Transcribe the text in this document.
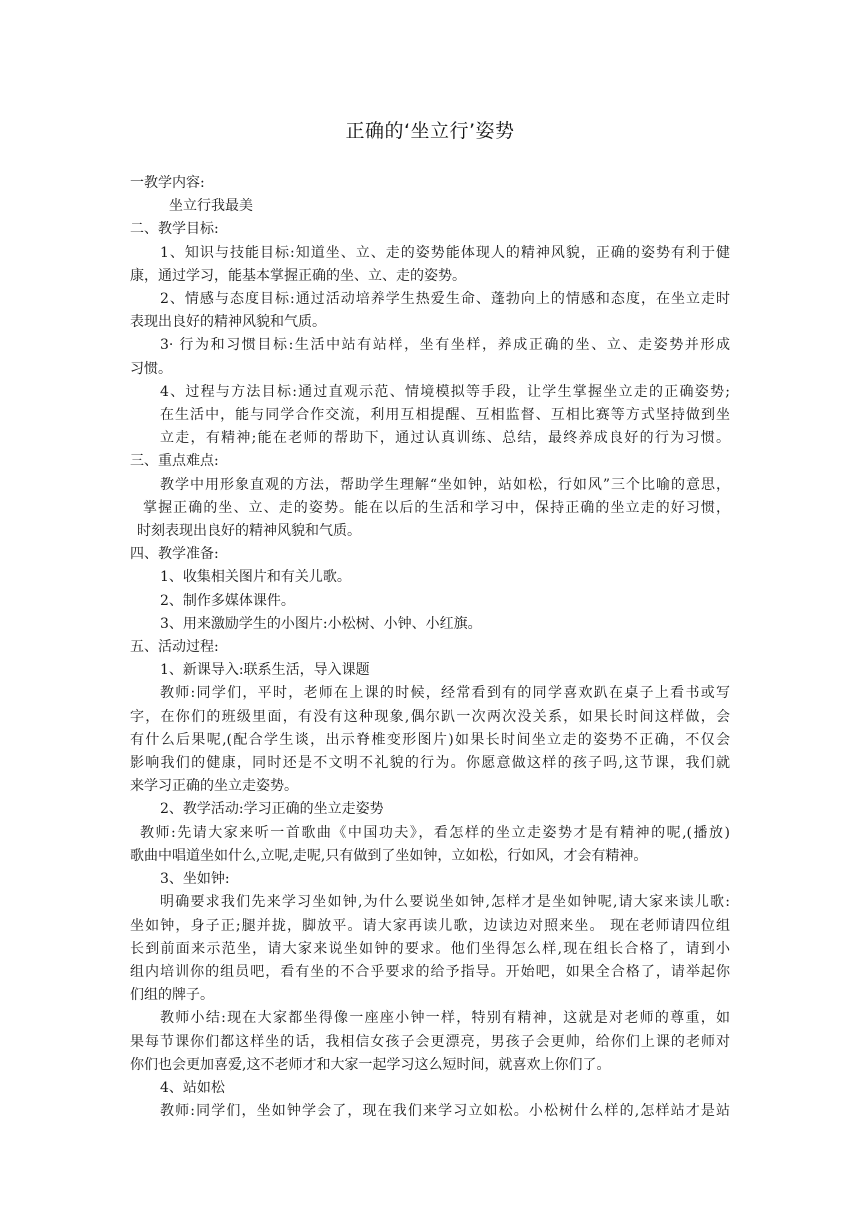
正确的‘坐立行’姿势

一教学内容:

坐立行我最美

二、教学目标:

1、知识与技能目标:知道坐、立、走的姿势能体现人的精神风貌，正确的姿势有利于健

康，通过学习，能基本掌握正确的坐、立、走的姿势。

2、情感与态度目标:通过活动培养学生热爱生命、蓬勃向上的情感和态度，在坐立走时

表现出良好的精神风貌和气质。

3· 行为和习惯目标:生活中站有站样，坐有坐样，养成正确的坐、立、走姿势并形成

习惯。

4、过程与方法目标:通过直观示范、情境模拟等手段，让学生掌握坐立走的正确姿势;

在生活中，能与同学合作交流，利用互相提醒、互相监督、互相比赛等方式坚持做到坐

立走，有精神;能在老师的帮助下，通过认真训练、总结，最终养成良好的行为习惯。

三、重点难点:

教学中用形象直观的方法，帮助学生理解“坐如钟，站如松，行如风”三个比喻的意思，

掌握正确的坐、立、走的姿势。能在以后的生活和学习中，保持正确的坐立走的好习惯，

时刻表现出良好的精神风貌和气质。

四、教学准备:

1、收集相关图片和有关儿歌。

2、制作多媒体课件。

3、用来激励学生的小图片:小松树、小钟、小红旗。

五、活动过程:

1、新课导入:联系生活，导入课题

教师:同学们，平时，老师在上课的时候，经常看到有的同学喜欢趴在桌子上看书或写

字，在你们的班级里面，有没有这种现象,偶尔趴一次两次没关系，如果长时间这样做，会

有什么后果呢,(配合学生谈，出示脊椎变形图片)如果长时间坐立走的姿势不正确，不仅会

影响我们的健康，同时还是不文明不礼貌的行为。你愿意做这样的孩子吗,这节课，我们就

来学习正确的坐立走姿势。

2、教学活动:学习正确的坐立走姿势

教师:先请大家来听一首歌曲《中国功夫》，看怎样的坐立走姿势才是有精神的呢,(播放)

歌曲中唱道坐如什么,立呢,走呢,只有做到了坐如钟，立如松，行如风，才会有精神。

3、坐如钟:

明确要求我们先来学习坐如钟,为什么要说坐如钟,怎样才是坐如钟呢,请大家来读儿歌:

坐如钟，身子正;腿并拢，脚放平。请大家再读儿歌，边读边对照来坐。 现在老师请四位组

长到前面来示范坐，请大家来说坐如钟的要求。他们坐得怎么样,现在组长合格了，请到小

组内培训你的组员吧，看有坐的不合乎要求的给予指导。开始吧，如果全合格了，请举起你

们组的牌子。

教师小结:现在大家都坐得像一座座小钟一样，特别有精神，这就是对老师的尊重，如

果每节课你们都这样坐的话，我相信女孩子会更漂亮，男孩子会更帅，给你们上课的老师对

你们也会更加喜爱,这不老师才和大家一起学习这么短时间，就喜欢上你们了。

4、站如松

教师:同学们，坐如钟学会了，现在我们来学习立如松。小松树什么样的,怎样站才是站
